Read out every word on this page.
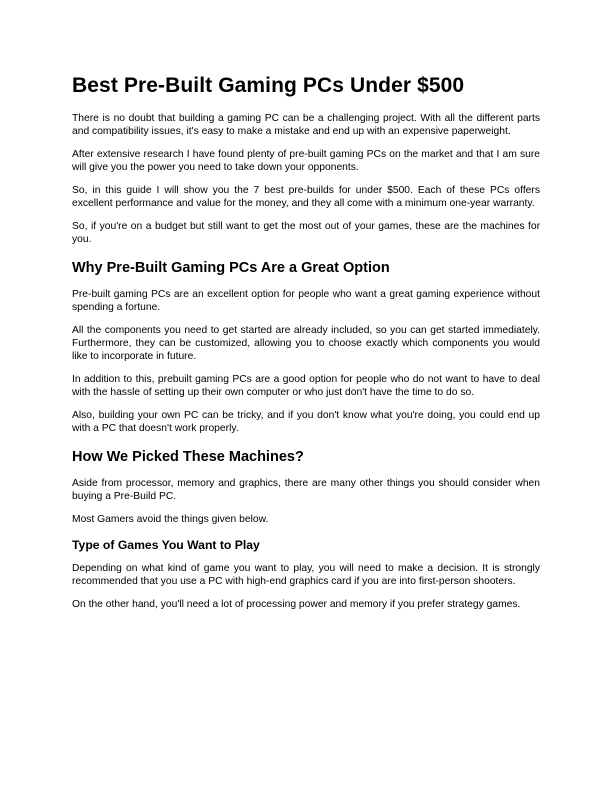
Best Pre-Built Gaming PCs Under $500

There is no doubt that building a gaming PC can be a challenging project. With all the different parts and compatibility issues, it's easy to make a mistake and end up with an expensive paperweight.

After extensive research I have found plenty of pre-built gaming PCs on the market and that I am sure will give you the power you need to take down your opponents.

So, in this guide I will show you the 7 best pre-builds for under $500. Each of these PCs offers excellent performance and value for the money, and they all come with a minimum one-year warranty.

So, if you're on a budget but still want to get the most out of your games, these are the machines for you.

Why Pre-Built Gaming PCs Are a Great Option

Pre-built gaming PCs are an excellent option for people who want a great gaming experience without spending a fortune.

All the components you need to get started are already included, so you can get started immediately. Furthermore, they can be customized, allowing you to choose exactly which components you would like to incorporate in future.

In addition to this, prebuilt gaming PCs are a good option for people who do not want to have to deal with the hassle of setting up their own computer or who just don't have the time to do so.

Also, building your own PC can be tricky, and if you don't know what you're doing, you could end up with a PC that doesn't work properly.

How We Picked These Machines?

Aside from processor, memory and graphics, there are many other things you should consider when buying a Pre-Build PC.

Most Gamers avoid the things given below.

Type of Games You Want to Play

Depending on what kind of game you want to play, you will need to make a decision. It is strongly recommended that you use a PC with high-end graphics card if you are into first-person shooters.

On the other hand, you'll need a lot of processing power and memory if you prefer strategy games.
